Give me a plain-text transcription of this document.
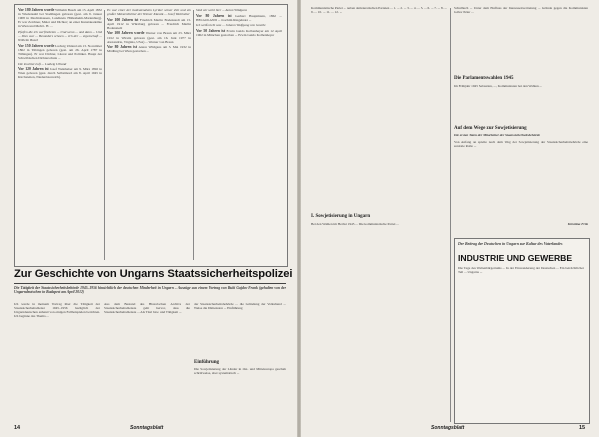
Vor 180 Jahren wurde Wilhelm Busch am 15. April 1832 in Wiedensahl bei Stadthagen geboren (gest. am 9. Januar 1908 in Mechtshausen, Landkreis Hildesheim-Marienburg). Er war Zeichner, Maler und Dichter; an einer Kunstakademie in Wien und Mehl i. H. ...

Pfeifen die ich werftretteten ... Und wenn ... und dann ... Und ... Dies war ... Besonders schoen ... Ich der ... eigenschaft ... Wilhelm Busch

Vor 150 Jahren wurde Ludwig Uhland am 13. November 1862 in Tübingen geboren (gest. am 26. April 1787 in Tübingen). Er war Dichter, Literat und Politiker. Haupt der Schwäbischen Dichterschule ...

Die leuchtet Luft ... Ludwig Uhland

Vor 120 Jahren ist Josef Weinheber am 9. März 1892 in Wien geboren (gest. durch Selbstmord am 8. April 1945 in Kirchstetten, Niederösterreich).

Es war einer der bedeutendsten Lyriker seiner Zeit und ein großer Meisterdichter der Wiener Klassik ... Josef Weinheber

Vor 100 Jahren ist Friedrich Martin Bodenstedt am 15. April 1912 in Würzburg geboren ... Friedrich Martin Bodenstedt

Vor 100 Jahren wurde Werner von Braun am 23. März 1912 in Wirsitz geboren (gest. am 16. Juni 1977 in Alexandria, Virginia, USA) ... Werner von Braun

Vor 80 Jahren ist Anton Wildgans am 3. Mai 1932 in Mödling bei Wien gestorben ...

Sind wir wohl hier ... Anton Wildgans

Vor 80 Jahren ist Gerhart Hauptmann, 1862 ... HELGOLAND ... Joachim Ringelnatz ...

Ich weiß nicht was ... Johann Wolfgang von Goethe

Vor 50 Jahren ist Erwin Guido Kolbenheyer am 12 April 1962 in München gestorben ... Erwin Guido Kolbenheyer

Zur Geschichte von Ungarns Staatssicherheitspolizei
Die Tätigkeit der Staatssicherheitsbehörde 1945–1956 hinsichtlich der deutschen Minderheit in Ungarn – Auszüge aus einem Vortrag von Buki Gajdos-Frank (gehalten von der Ungarndeutschen in Budapest am April 2012)

Ich werde in meinem Vortrag über die Tätigkeit der Staatssicherheitsdienst 1945–1956 bezüglich der Ungarndeutschen anhand von einigen Fallbeispielen berichten. Ich beginne das Thema ...

Aus dem Bestand des Historischen Archivs der Staatssicherheitsdienste geht hervor, dass die Staatssicherheitsdienste ... Als Titel bzw. und Tätigkeit ...

der Staatssicherheitsbehörde ... die Gründung der Volksbund ... Weise die Dimension ... Einführung

Einführung

Die Sowjetisierung der Länder in Ost- und Mitteleuropa geschah schrittweise, aber systematisch ...

14	Sonntagsblatt

Kommunistische Partei ... neben demokratischen Parteien ... 1. ... 2. ... 3. ... 4. ... 5. ... 6. ... 7. ... 8. ... 9. ... 10. ... 11. ... 12. ...

I. Sowjetisierung in Ungarn

Bei den Wahlen im Herbst 1945 ... Die kommunistische Partei ...

Schulbuch ... Unter dem Einfluss der Interessenvertretung ... Gründe gegen die Kommunisten Gábor Péter ...

Die Parlamentswahlen 1945

Im Frühjahr 1945 Sebastian, ..., Kommunisten bei den Wahlen ...

Auf dem Wege zur Sowjetisierung
Die ersten Taten der Mitarbeiter der Staatssicherheitsbehörde

Von Anfang an spielte nach dem Weg der Sowjetisierung der Staatssicherheitsbehörde eine zentrale Rolle ...

Krisztina Fritz
Der Beitrag der Deutschen in Ungarn zur Kultur des Vaterlandes
INDUSTRIE UND GEWERBE

Die Tage des Weltenbürgertums ... In der Einwanderung der Deutschen ... Ein beträchtlicher Teil ... Ungarns ...

Sonntagsblatt	15
